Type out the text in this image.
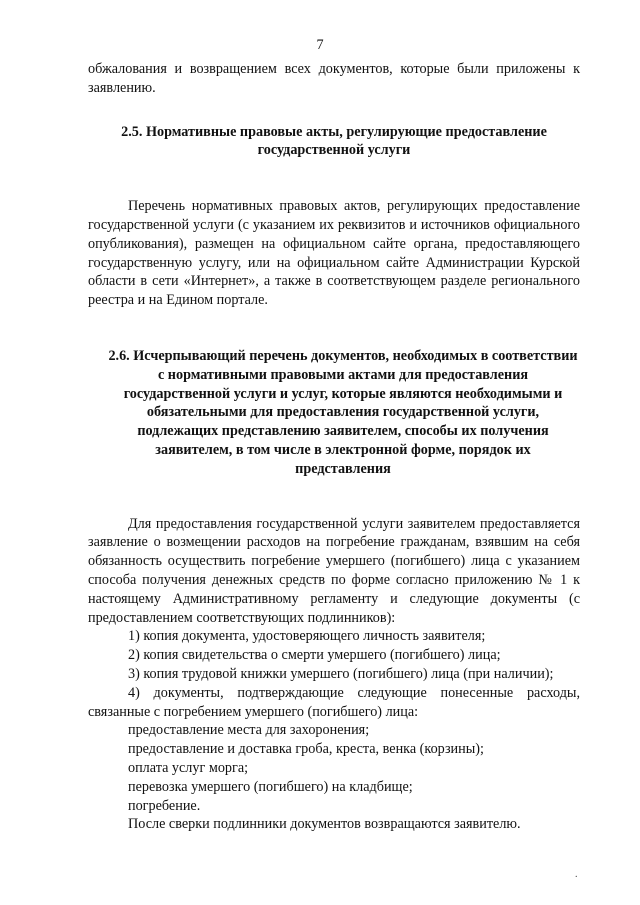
7

обжалования и возвращением всех документов, которые были приложены к заявлению.

2.5. Нормативные правовые акты, регулирующие предоставление государственной услуги

Перечень нормативных правовых актов, регулирующих предоставление государственной услуги (с указанием их реквизитов и источников официального опубликования), размещен на официальном сайте органа, предоставляющего государственную услугу, или на официальном сайте Администрации Курской области в сети «Интернет», а также в соответствующем разделе регионального реестра и на Едином портале.

2.6. Исчерпывающий перечень документов, необходимых в соответствии с нормативными правовыми актами для предоставления государственной услуги и услуг, которые являются необходимыми и обязательными для предоставления государственной услуги, подлежащих представлению заявителем, способы их получения заявителем, в том числе в электронной форме, порядок их представления

Для предоставления государственной услуги заявителем предоставляется заявление о возмещении расходов на погребение гражданам, взявшим на себя обязанность осуществить погребение умершего (погибшего) лица с указанием способа получения денежных средств по форме согласно приложению № 1 к настоящему Административному регламенту и следующие документы (с предоставлением соответствующих подлинников):

1) копия документа, удостоверяющего личность заявителя;

2) копия свидетельства о смерти умершего (погибшего) лица;

3) копия трудовой книжки умершего (погибшего) лица (при наличии);

4) документы, подтверждающие следующие понесенные расходы, связанные с погребением умершего (погибшего) лица:

предоставление места для захоронения;

предоставление и доставка гроба, креста, венка (корзины);

оплата услуг морга;

перевозка умершего (погибшего) на кладбище;

погребение.

После сверки подлинники документов возвращаются заявителю.

.
